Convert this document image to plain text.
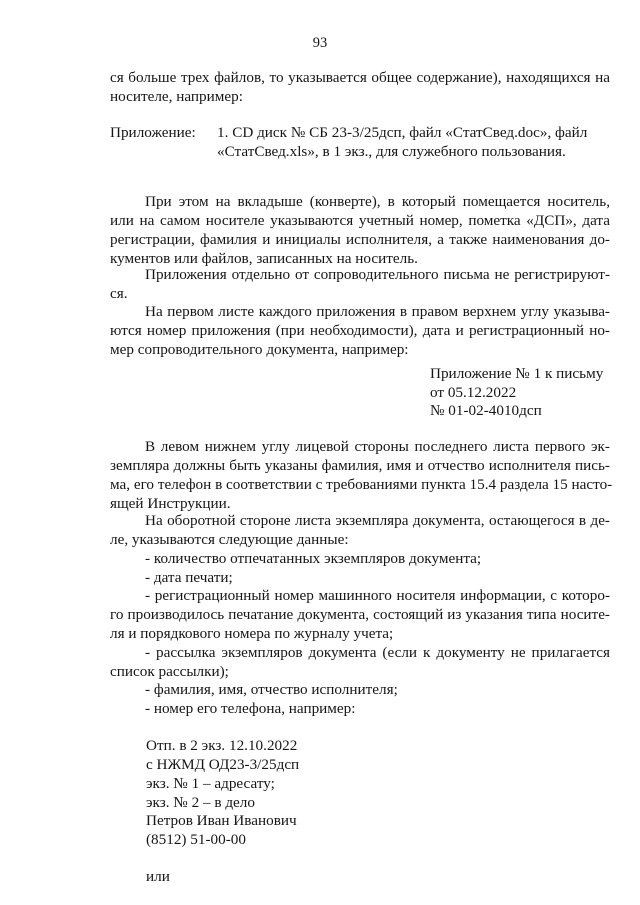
93
ся больше трех файлов, то указывается общее содержание), находящихся на
носителе, например:
Приложение: 1. CD диск № СБ 23-3/25дсп, файл «СтатСвед.doc», файл
«СтатСвед.xls», в 1 экз., для служебного пользования.
При этом на вкладыше (конверте), в который помещается носитель,
или на самом носителе указываются учетный номер, пометка «ДСП», дата
регистрации, фамилия и инициалы исполнителя, а также наименования до-
кументов или файлов, записанных на носитель.
Приложения отдельно от сопроводительного письма не регистрируют-
ся.
На первом листе каждого приложения в правом верхнем углу указыва-
ются номер приложения (при необходимости), дата и регистрационный но-
мер сопроводительного документа, например:
Приложение № 1 к письму
от 05.12.2022
№ 01-02-4010дсп
В левом нижнем углу лицевой стороны последнего листа первого эк-
земпляра должны быть указаны фамилия, имя и отчество исполнителя пись-
ма, его телефон в соответствии с требованиями пункта 15.4 раздела 15 насто-
ящей Инструкции.
На оборотной стороне листа экземпляра документа, остающегося в де-
ле, указываются следующие данные:
- количество отпечатанных экземпляров документа;
- дата печати;
- регистрационный номер машинного носителя информации, с которо-
го производилось печатание документа, состоящий из указания типа носите-
ля и порядкового номера по журналу учета;
- рассылка экземпляров документа (если к документу не прилагается
список рассылки);
- фамилия, имя, отчество исполнителя;
- номер его телефона, например:
Отп. в 2 экз. 12.10.2022
с НЖМД ОД23-3/25дсп
экз. № 1 – адресату;
экз. № 2 – в дело
Петров Иван Иванович
(8512) 51-00-00
или
